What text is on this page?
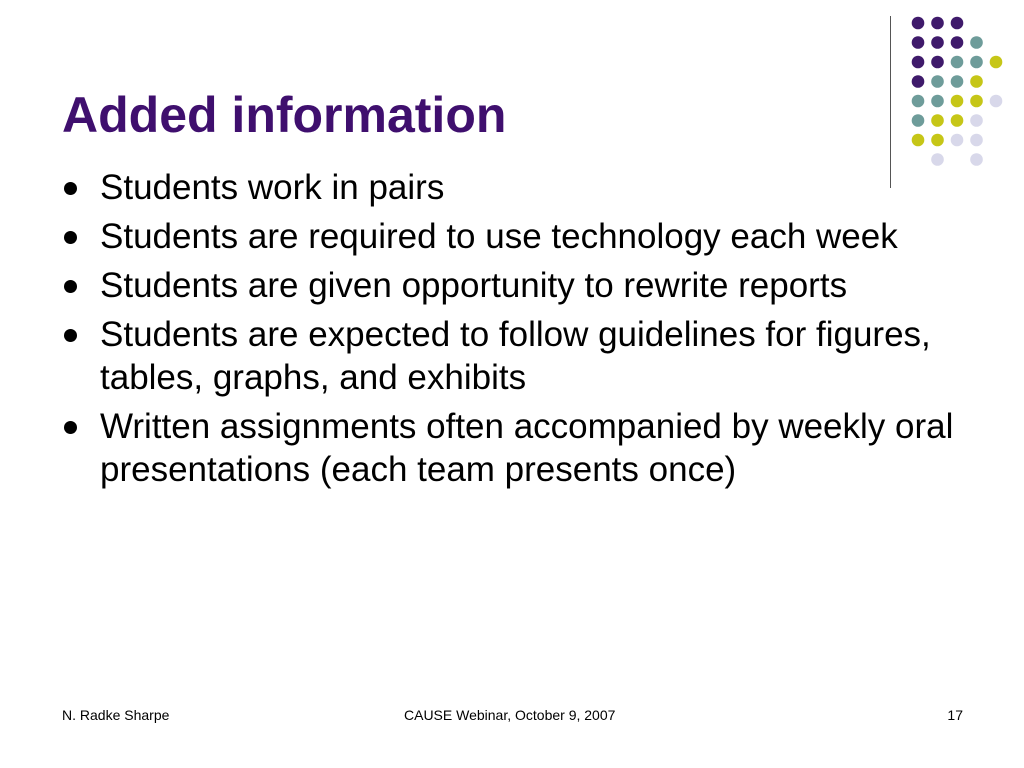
Added information
Students work in pairs
Students are required to use technology each week
Students are given opportunity to rewrite reports
Students are expected to follow guidelines for figures, tables, graphs, and exhibits
Written assignments often accompanied by weekly oral presentations (each team presents once)
N. Radke Sharpe	CAUSE Webinar, October 9, 2007	17
